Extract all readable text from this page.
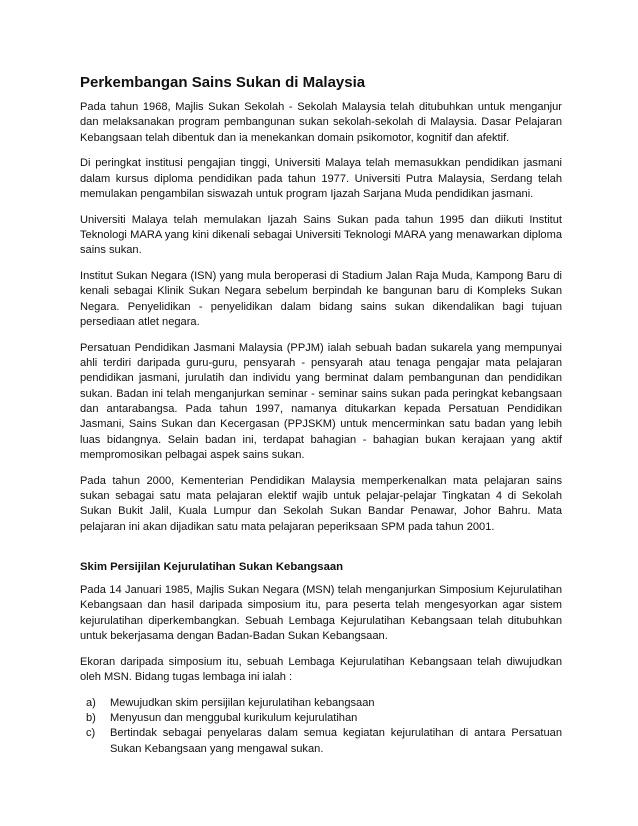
Perkembangan Sains Sukan di Malaysia

Pada tahun 1968, Majlis Sukan Sekolah - Sekolah Malaysia telah ditubuhkan untuk menganjur dan melaksanakan program pembangunan sukan sekolah-sekolah di Malaysia. Dasar Pelajaran Kebangsaan telah dibentuk dan ia menekankan domain psikomotor, kognitif dan afektif.

Di peringkat institusi pengajian tinggi, Universiti Malaya telah memasukkan pendidikan jasmani dalam kursus diploma pendidikan pada tahun 1977. Universiti Putra Malaysia, Serdang telah memulakan pengambilan siswazah untuk program Ijazah Sarjana Muda pendidikan jasmani.

Universiti Malaya telah memulakan Ijazah Sains Sukan pada tahun 1995 dan diikuti Institut Teknologi MARA yang kini dikenali sebagai Universiti Teknologi MARA yang menawarkan diploma sains sukan.

Institut Sukan Negara (ISN) yang mula beroperasi di Stadium Jalan Raja Muda, Kampong Baru di kenali sebagai Klinik Sukan Negara sebelum berpindah ke bangunan baru di Kompleks Sukan Negara. Penyelidikan - penyelidikan dalam bidang sains sukan dikendalikan bagi tujuan persediaan atlet negara.

Persatuan Pendidikan Jasmani Malaysia (PPJM) ialah sebuah badan sukarela yang mempunyai ahli terdiri daripada guru-guru, pensyarah - pensyarah atau tenaga pengajar mata pelajaran pendidikan jasmani, jurulatih dan individu yang berminat dalam pembangunan dan pendidikan sukan. Badan ini telah menganjurkan seminar - seminar sains sukan pada peringkat kebangsaan dan antarabangsa. Pada tahun 1997, namanya ditukarkan kepada Persatuan Pendidikan Jasmani, Sains Sukan dan Kecergasan (PPJSKM) untuk mencerminkan satu badan yang lebih luas bidangnya. Selain badan ini, terdapat bahagian - bahagian bukan kerajaan yang aktif mempromosikan pelbagai aspek sains sukan.

Pada tahun 2000, Kementerian Pendidikan Malaysia memperkenalkan mata pelajaran sains sukan sebagai satu mata pelajaran elektif wajib untuk pelajar-pelajar Tingkatan 4 di Sekolah Sukan Bukit Jalil, Kuala Lumpur dan Sekolah Sukan Bandar Penawar, Johor Bahru. Mata pelajaran ini akan dijadikan satu mata pelajaran peperiksaan SPM pada tahun 2001.

Skim Persijilan Kejurulatihan Sukan Kebangsaan

Pada 14 Januari 1985, Majlis Sukan Negara (MSN) telah menganjurkan Simposium Kejurulatihan Kebangsaan dan hasil daripada simposium itu, para peserta telah mengesyorkan agar sistem kejurulatihan diperkembangkan. Sebuah Lembaga Kejurulatihan Kebangsaan telah ditubuhkan untuk bekerjasama dengan Badan-Badan Sukan Kebangsaan.

Ekoran daripada simposium itu, sebuah Lembaga Kejurulatihan Kebangsaan telah diwujudkan oleh MSN. Bidang tugas lembaga ini ialah :

a) Mewujudkan skim persijilan kejurulatihan kebangsaan
b) Menyusun dan menggubal kurikulum kejurulatihan
c) Bertindak sebagai penyelaras dalam semua kegiatan kejurulatihan di antara Persatuan Sukan Kebangsaan yang mengawal sukan.
